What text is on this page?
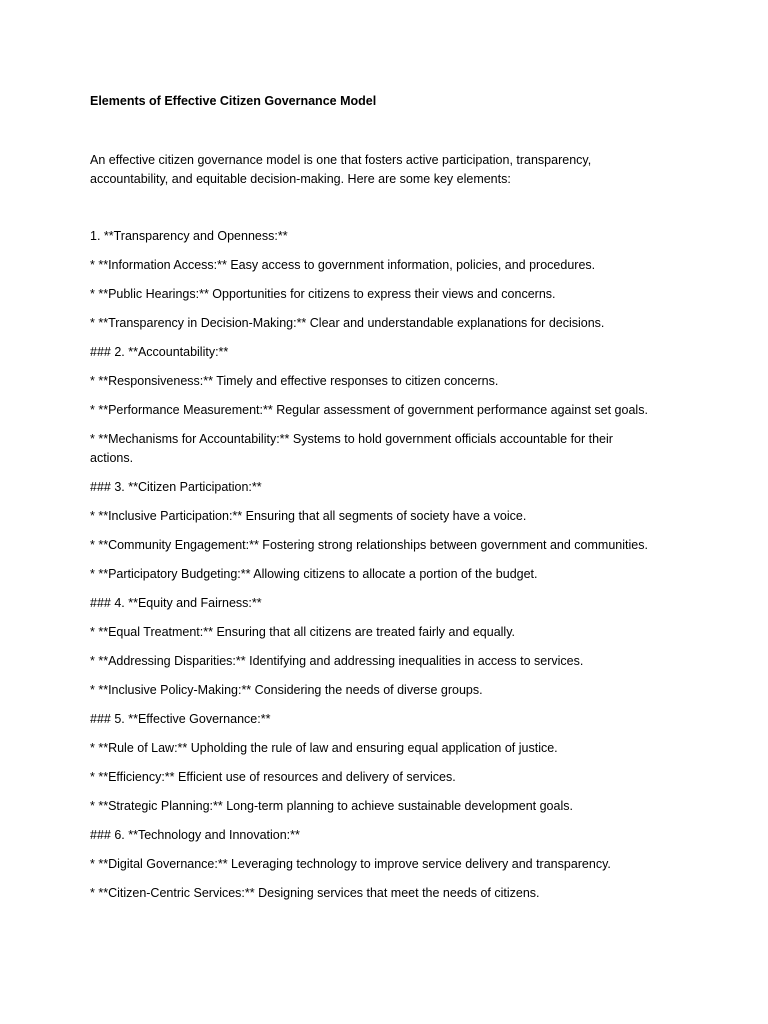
Elements of Effective Citizen Governance Model
An effective citizen governance model is one that fosters active participation, transparency,
accountability, and equitable decision-making. Here are some key elements:
1. **Transparency and Openness:**
* **Information Access:** Easy access to government information, policies, and procedures.
* **Public Hearings:** Opportunities for citizens to express their views and concerns.
* **Transparency in Decision-Making:** Clear and understandable explanations for decisions.
### 2. **Accountability:**
* **Responsiveness:** Timely and effective responses to citizen concerns.
* **Performance Measurement:** Regular assessment of government performance against set goals.
* **Mechanisms for Accountability:** Systems to hold government officials accountable for their
actions.
### 3. **Citizen Participation:**
* **Inclusive Participation:** Ensuring that all segments of society have a voice.
* **Community Engagement:** Fostering strong relationships between government and communities.
* **Participatory Budgeting:** Allowing citizens to allocate a portion of the budget.
### 4. **Equity and Fairness:**
* **Equal Treatment:** Ensuring that all citizens are treated fairly and equally.
* **Addressing Disparities:** Identifying and addressing inequalities in access to services.
* **Inclusive Policy-Making:** Considering the needs of diverse groups.
### 5. **Effective Governance:**
* **Rule of Law:** Upholding the rule of law and ensuring equal application of justice.
* **Efficiency:** Efficient use of resources and delivery of services.
* **Strategic Planning:** Long-term planning to achieve sustainable development goals.
### 6. **Technology and Innovation:**
* **Digital Governance:** Leveraging technology to improve service delivery and transparency.
* **Citizen-Centric Services:** Designing services that meet the needs of citizens.
